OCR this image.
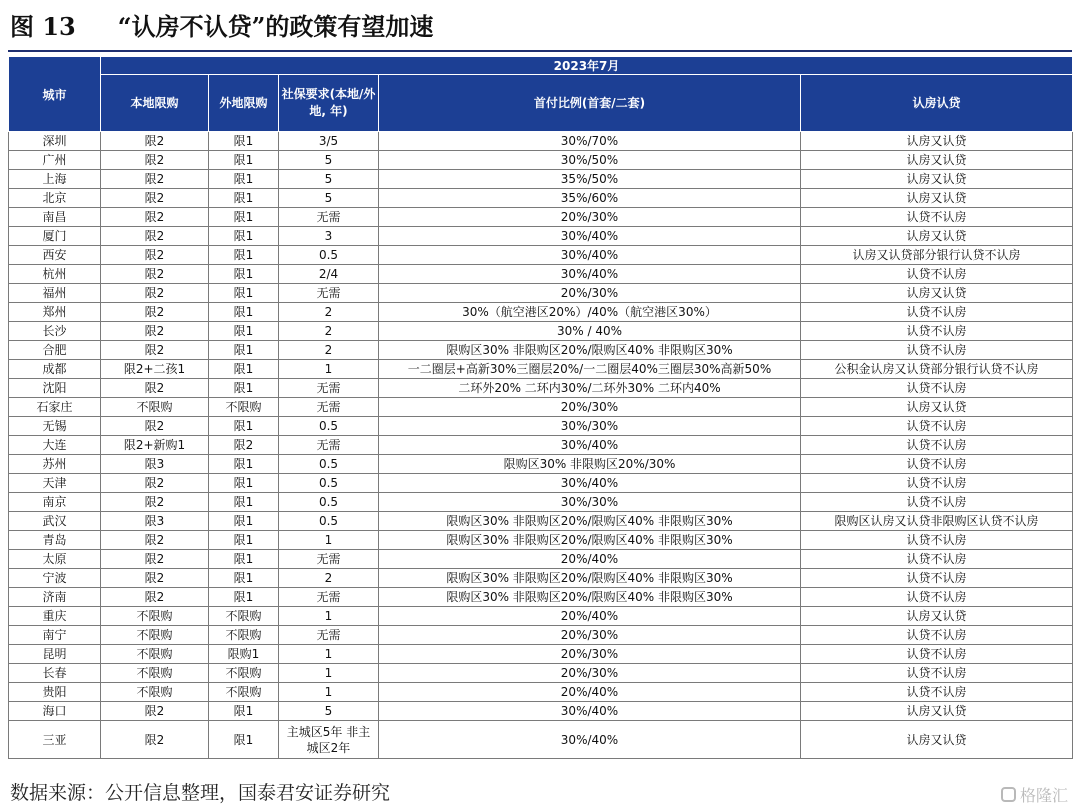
图 13 “认房不认贷”的政策有望加速
城市	2023年7月				
	本地限购	外地限购	社保要求(本地/外地, 年)	首付比例(首套/二套)	认房认贷
深圳	限2	限1	3/5	30%/70%	认房又认贷
广州	限2	限1	5	30%/50%	认房又认贷
上海	限2	限1	5	35%/50%	认房又认贷
北京	限2	限1	5	35%/60%	认房又认贷
南昌	限2	限1	无需	20%/30%	认贷不认房
厦门	限2	限1	3	30%/40%	认房又认贷
西安	限2	限1	0.5	30%/40%	认房又认贷部分银行认贷不认房
杭州	限2	限1	2/4	30%/40%	认贷不认房
福州	限2	限1	无需	20%/30%	认房又认贷
郑州	限2	限1	2	30%（航空港区20%）/40%（航空港区30%）	认贷不认房
长沙	限2	限1	2	30% / 40%	认贷不认房
合肥	限2	限1	2	限购区30% 非限购区20%/限购区40% 非限购区30%	认贷不认房
成都	限2+二孩1	限1	1	一二圈层+高新30%三圈层20%/一二圈层40%三圈层30%高新50%	公积金认房又认贷部分银行认贷不认房
沈阳	限2	限1	无需	二环外20% 二环内30%/二环外30% 二环内40%	认贷不认房
石家庄	不限购	不限购	无需	20%/30%	认房又认贷
无锡	限2	限1	0.5	30%/30%	认贷不认房
大连	限2+新购1	限2	无需	30%/40%	认贷不认房
苏州	限3	限1	0.5	限购区30% 非限购区20%/30%	认贷不认房
天津	限2	限1	0.5	30%/40%	认贷不认房
南京	限2	限1	0.5	30%/30%	认贷不认房
武汉	限3	限1	0.5	限购区30% 非限购区20%/限购区40% 非限购区30%	限购区认房又认贷非限购区认贷不认房
青岛	限2	限1	1	限购区30% 非限购区20%/限购区40% 非限购区30%	认贷不认房
太原	限2	限1	无需	20%/40%	认贷不认房
宁波	限2	限1	2	限购区30% 非限购区20%/限购区40% 非限购区30%	认贷不认房
济南	限2	限1	无需	限购区30% 非限购区20%/限购区40% 非限购区30%	认贷不认房
重庆	不限购	不限购	1	20%/40%	认房又认贷
南宁	不限购	不限购	无需	20%/30%	认贷不认房
昆明	不限购	限购1	1	20%/30%	认贷不认房
长春	不限购	不限购	1	20%/30%	认贷不认房
贵阳	不限购	不限购	1	20%/40%	认贷不认房
海口	限2	限1	5	30%/40%	认房又认贷
三亚	限2	限1	主城区5年 非主城区2年	30%/40%	认房又认贷
数据来源：公开信息整理，国泰君安证券研究	格隆汇
